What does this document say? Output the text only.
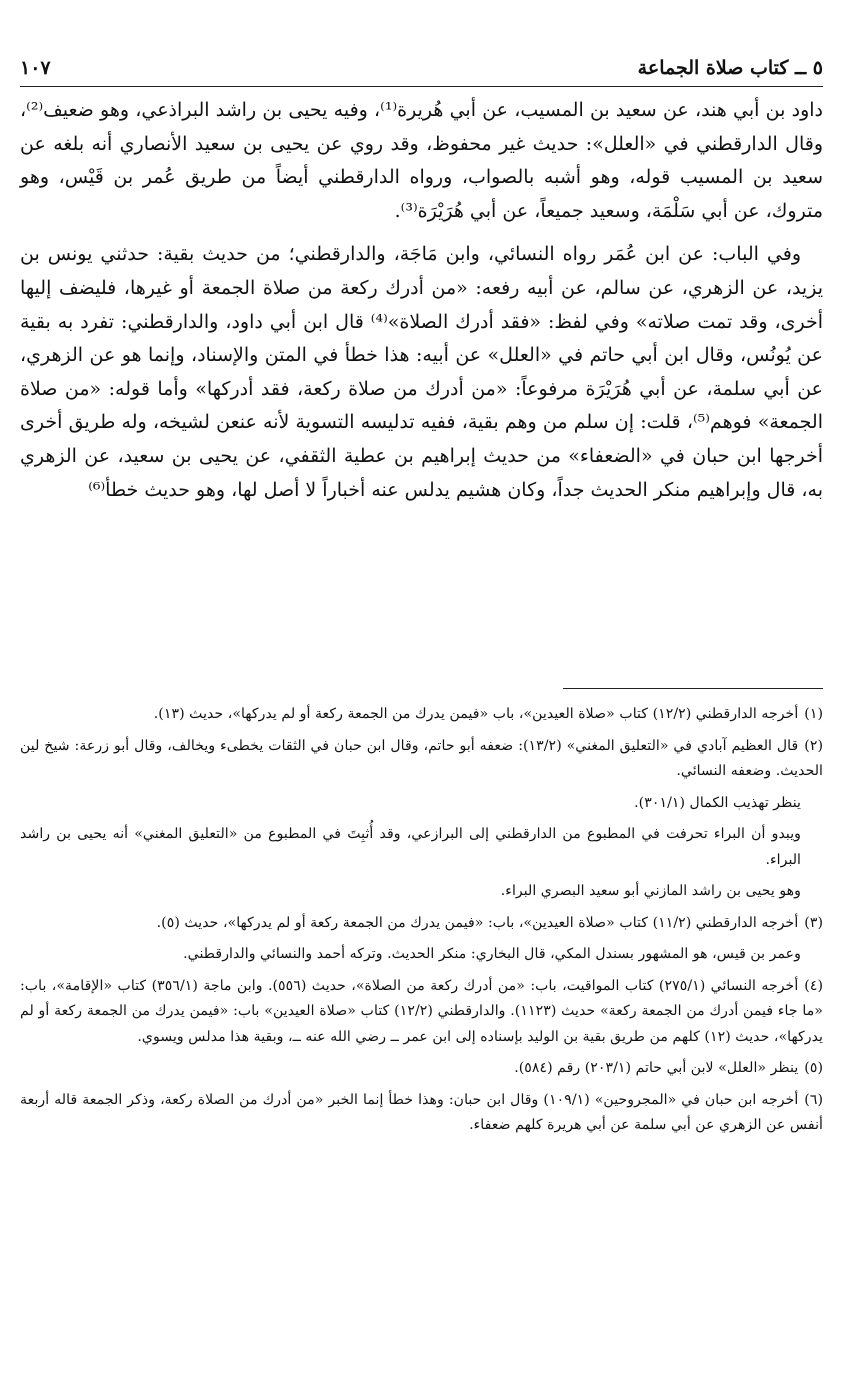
٥ ــ كتاب صلاة الجماعة
١٠٧

داود بن أبي هند، عن سعيد بن المسيب، عن أبي هُريرة⁽¹⁾، وفيه يحيى بن راشد البراذعي، وهو ضعيف⁽²⁾، وقال الدارقطني في «العلل»: حديث غير محفوظ، وقد روي عن يحيى بن سعيد الأنصاري أنه بلغه عن سعيد بن المسيب قوله، وهو أشبه بالصواب، ورواه الدارقطني أيضاً من طريق عُمر بن قَيْس، وهو متروك، عن أبي سَلْمَة، وسعيد جميعاً، عن أبي هُرَيْرَة⁽³⁾.

وفي الباب: عن ابن عُمَر رواه النسائي، وابن مَاجَة، والدارقطني؛ من حديث بقية: حدثني يونس بن يزيد، عن الزهري، عن سالم، عن أبيه رفعه: «من أدرك ركعة من صلاة الجمعة أو غيرها، فليضف إليها أخرى، وقد تمت صلاته» وفي لفظ: «فقد أدرك الصلاة»⁽⁴⁾ قال ابن أبي داود، والدارقطني: تفرد به بقية عن يُونُس، وقال ابن أبي حاتم في «العلل» عن أبيه: هذا خطأ في المتن والإسناد، وإنما هو عن الزهري، عن أبي سلمة، عن أبي هُرَيْرَة مرفوعاً: «من أدرك من صلاة ركعة، فقد أدركها» وأما قوله: «من صلاة الجمعة» فوهم⁽⁵⁾، قلت: إن سلم من وهم بقية، ففيه تدليسه التسوية لأنه عنعن لشيخه، وله طريق أخرى أخرجها ابن حبان في «الضعفاء» من حديث إبراهيم بن عطية الثقفي، عن يحيى بن سعيد، عن الزهري به، قال وإبراهيم منكر الحديث جداً، وكان هشيم يدلس عنه أخباراً لا أصل لها، وهو حديث خطأ⁽⁶⁾

(١)أخرجه الدارقطني (١٢/٢) كتاب «صلاة العيدين»، باب «فيمن يدرك من الجمعة ركعة أو لم يدركها»، حديث (١٣).
(٢)قال العظيم آبادي في «التعليق المغني» (١٣/٢): ضعفه أبو حاتم، وقال ابن حبان في الثقات يخطىء ويخالف، وقال أبو زرعة: شيخ لين الحديث. وضعفه النسائي.
ينظر تهذيب الكمال (٣٠١/١).
ويبدو أن البراء تحرفت في المطبوع من الدارقطني إلى البرازعي، وقد أُثبِتَ في المطبوع من «التعليق المغني» أنه يحيى بن راشد البراء.
وهو يحيى بن راشد المازني أبو سعيد البصري البراء.
(٣)أخرجه الدارقطني (١١/٢) كتاب «صلاة العيدين»، باب: «فيمن يدرك من الجمعة ركعة أو لم يدركها»، حديث (٥).
وعمر بن قيس، هو المشهور بسندل المكي، قال البخاري: منكر الحديث. وتركه أحمد والنسائي والدارقطني.
(٤)أخرجه النسائي (٢٧٥/١) كتاب المواقيت، باب: «من أدرك ركعة من الصلاة»، حديث (٥٥٦). وابن ماجة (٣٥٦/١) كتاب «الإقامة»، باب: «ما جاء فيمن أدرك من الجمعة ركعة» حديث (١١٢٣). والدارقطني (١٢/٢) كتاب «صلاة العيدين» باب: «فيمن يدرك من الجمعة ركعة أو لم يدركها»، حديث (١٢) كلهم من طريق بقية بن الوليد بإسناده إلى ابن عمر ــ رضي الله عنه ــ، وبقية هذا مدلس ويسوي.
(٥)ينظر «العلل» لابن أبي حاتم (٢٠٣/١) رقم (٥٨٤).
(٦)أخرجه ابن حبان في «المجروحين» (١٠٩/١) وقال ابن حبان: وهذا خطأ إنما الخبر «من أدرك من الصلاة ركعة، وذكر الجمعة قاله أربعة أنفس عن الزهري عن أبي سلمة عن أبي هريرة كلهم ضعفاء.
